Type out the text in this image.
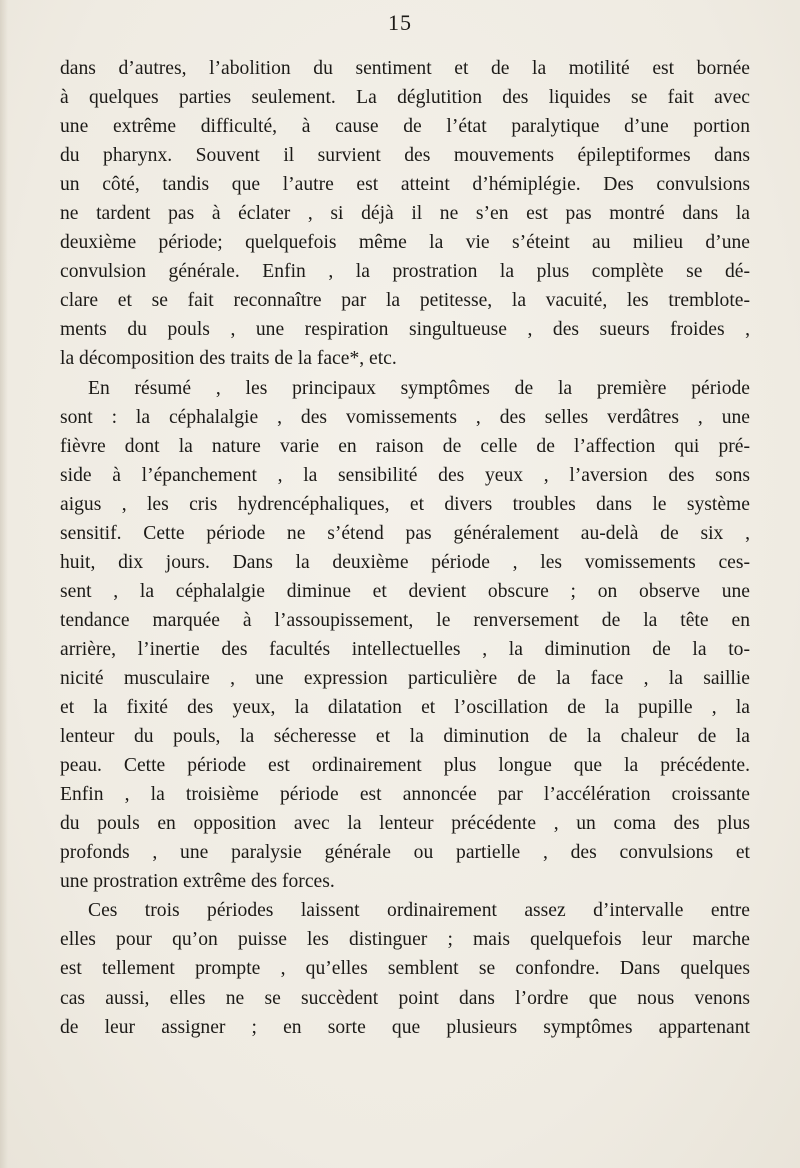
15
dans d’autres, l’abolition du sentiment et de la motilité est bornée
à quelques parties seulement. La déglutition des liquides se fait avec
une extrême difficulté, à cause de l’état paralytique d’une portion
du pharynx. Souvent il survient des mouvements épileptiformes dans
un côté, tandis que l’autre est atteint d’hémiplégie. Des convulsions
ne tardent pas à éclater , si déjà il ne s’en est pas montré dans la
deuxième période; quelquefois même la vie s’éteint au milieu d’une
convulsion générale. Enfin , la prostration la plus complète se dé-
clare et se fait reconnaître par la petitesse, la vacuité, les tremblote-
ments du pouls , une respiration singultueuse , des sueurs froides ,
la décomposition des traits de la face*, etc.
En résumé , les principaux symptômes de la première période
sont : la céphalalgie , des vomissements , des selles verdâtres , une
fièvre dont la nature varie en raison de celle de l’affection qui pré-
side à l’épanchement , la sensibilité des yeux , l’aversion des sons
aigus , les cris hydrencéphaliques, et divers troubles dans le système
sensitif. Cette période ne s’étend pas généralement au-delà de six ,
huit, dix jours. Dans la deuxième période , les vomissements ces-
sent , la céphalalgie diminue et devient obscure ; on observe une
tendance marquée à l’assoupissement, le renversement de la tête en
arrière, l’inertie des facultés intellectuelles , la diminution de la to-
nicité musculaire , une expression particulière de la face , la saillie
et la fixité des yeux, la dilatation et l’oscillation de la pupille , la
lenteur du pouls, la sécheresse et la diminution de la chaleur de la
peau. Cette période est ordinairement plus longue que la précédente.
Enfin , la troisième période est annoncée par l’accélération croissante
du pouls en opposition avec la lenteur précédente , un coma des plus
profonds , une paralysie générale ou partielle , des convulsions et
une prostration extrême des forces.
Ces trois périodes laissent ordinairement assez d’intervalle entre
elles pour qu’on puisse les distinguer ; mais quelquefois leur marche
est tellement prompte , qu’elles semblent se confondre. Dans quelques
cas aussi, elles ne se succèdent point dans l’ordre que nous venons
de leur assigner ; en sorte que plusieurs symptômes appartenant
